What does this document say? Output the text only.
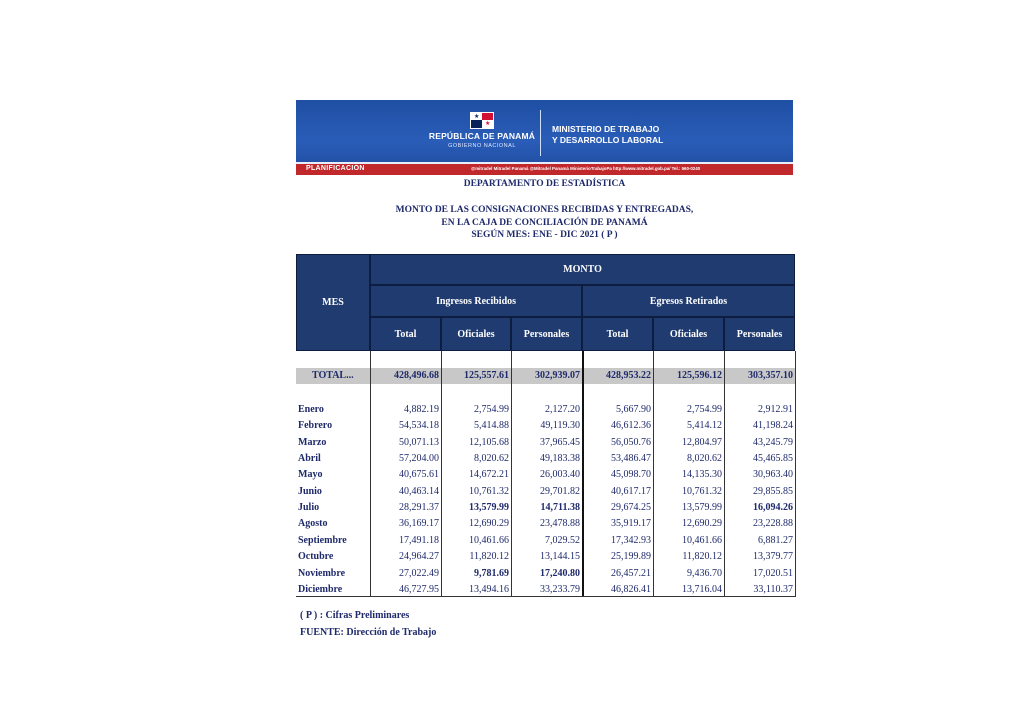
★
★
REPÚBLICA DE PANAMÁ
GOBIERNO NACIONAL
MINISTERIO DE TRABAJO
Y DESARROLLO LABORAL
PLANIFICACIÓN	@mitradel Mitradel Panamá @Mitradel Panamá MinisterioTrabajoPa http://www.mitradel.gob.pa/ Tel.: 560-0240
DEPARTAMENTO DE ESTADÍSTICA
MONTO DE LAS CONSIGNACIONES RECIBIDAS Y ENTREGADAS,
EN LA CAJA DE CONCILIACIÓN DE PANAMÁ
SEGÚN MES: ENE - DIC 2021 ( P )
MES
MONTO
Ingresos Recibidos	Egresos Retirados
Total	Oficiales	Personales	Total	Oficiales	Personales
TOTAL...	428,496.68	125,557.61	302,939.07	428,953.22	125,596.12	303,357.10
Enero	4,882.19	2,754.99	2,127.20	5,667.90	2,754.99	2,912.91
Febrero	54,534.18	5,414.88	49,119.30	46,612.36	5,414.12	41,198.24
Marzo	50,071.13	12,105.68	37,965.45	56,050.76	12,804.97	43,245.79
Abril	57,204.00	8,020.62	49,183.38	53,486.47	8,020.62	45,465.85
Mayo	40,675.61	14,672.21	26,003.40	45,098.70	14,135.30	30,963.40
Junio	40,463.14	10,761.32	29,701.82	40,617.17	10,761.32	29,855.85
Julio	28,291.37	13,579.99	14,711.38	29,674.25	13,579.99	16,094.26
Agosto	36,169.17	12,690.29	23,478.88	35,919.17	12,690.29	23,228.88
Septiembre	17,491.18	10,461.66	7,029.52	17,342.93	10,461.66	6,881.27
Octubre	24,964.27	11,820.12	13,144.15	25,199.89	11,820.12	13,379.77
Noviembre	27,022.49	9,781.69	17,240.80	26,457.21	9,436.70	17,020.51
Diciembre	46,727.95	13,494.16	33,233.79	46,826.41	13,716.04	33,110.37
( P ) : Cifras Preliminares
FUENTE: Dirección de Trabajo
